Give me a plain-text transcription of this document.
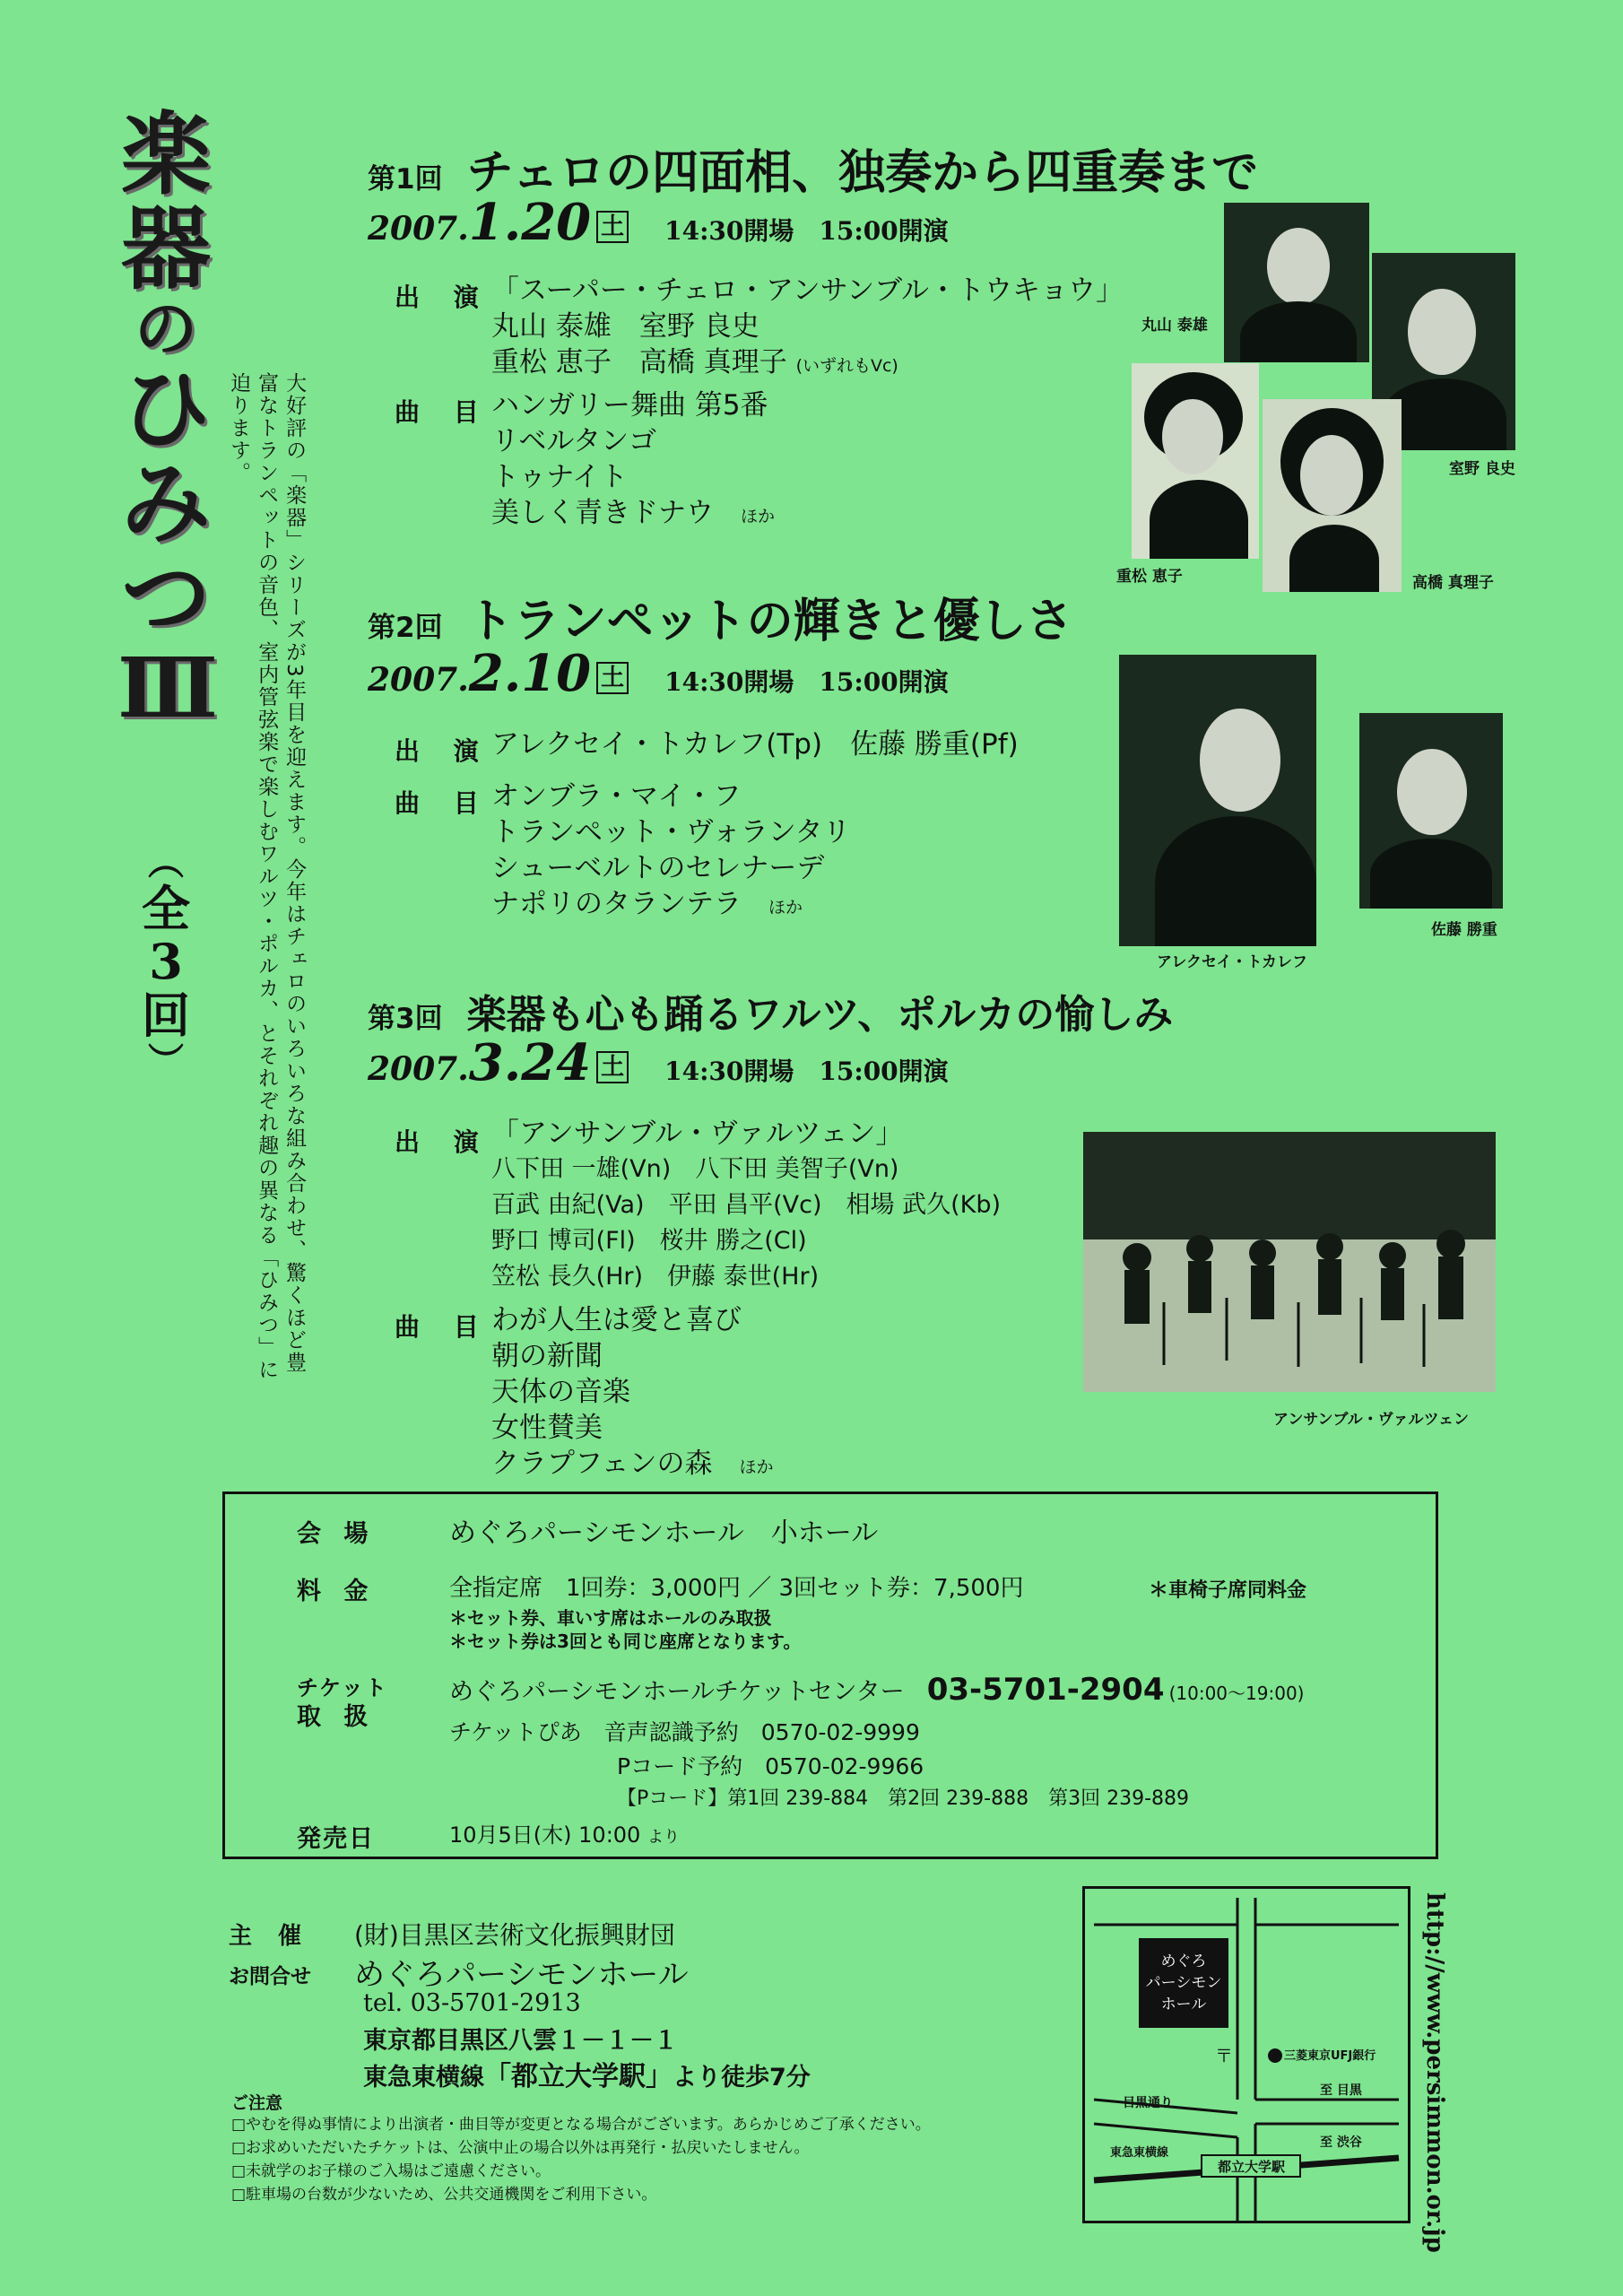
楽
器
の
ひ
み
つ
Ⅲ
︵
全
3
回
︶	大好評の「楽器」シリーズが3年目を迎えます。今年はチェロのいろいろな組み合わせ、驚くほど豊富なトランペットの音色、室内管弦楽で楽しむワルツ・ポルカ、とそれぞれ趣の異なる「ひみつ」に迫ります。
第1回 チェロの四面相、独奏から四重奏まで
2007.1.20 土 14:30開場　15:00開演
出 演 「スーパー・チェロ・アンサンブル・トウキョウ」
丸山 泰雄　室野 良史
重松 恵子　高橋 真理子 (いずれもVc)
曲 目 ハンガリー舞曲 第5番
リベルタンゴ
トゥナイト
美しく青きドナウ ほか
丸山 泰雄
室野 良史
重松 恵子	高橋 真理子
第2回 トランペットの輝きと優しさ
2007.2.10 土 14:30開場　15:00開演
出 演 アレクセイ・トカレフ(Tp)　佐藤 勝重(Pf)
曲 目 オンブラ・マイ・フ
トランペット・ヴォランタリ
シューベルトのセレナーデ
ナポリのタランテラ ほか
アレクセイ・トカレフ
佐藤 勝重
第3回 楽器も心も踊るワルツ、ポルカの愉しみ
2007.3.24 土 14:30開場　15:00開演
出 演 「アンサンブル・ヴァルツェン」
八下田 一雄(Vn)　八下田 美智子(Vn)
百武 由紀(Va)　平田 昌平(Vc)　相場 武久(Kb)
野口 博司(Fl)　桜井 勝之(Cl)
笠松 長久(Hr)　伊藤 泰世(Hr)
曲 目 わが人生は愛と喜び
朝の新聞
天体の音楽
女性賛美
クラプフェンの森 ほか
アンサンブル・ヴァルツェン
会 場	めぐろパーシモンホール　小ホール
料 金	全指定席　1回券：3,000円 ／ 3回セット券：7,500円	＊車椅子席同料金
＊セット券、車いす席はホールのみ取扱
＊セット券は3回とも同じ座席となります。
チケット
取 扱
めぐろパーシモンホールチケットセンター 03-5701-2904 (10:00～19:00)
チケットぴあ　音声認識予約　0570-02-9999
Pコード予約　0570-02-9966
【Pコード】第1回 239-884　第2回 239-888　第3回 239-889
発売日	10月5日(木) 10:00 より
主 催 (財)目黒区芸術文化振興財団
お問合せ めぐろパーシモンホール
tel. 03-5701-2913
東京都目黒区八雲１－１－１
東急東横線「都立大学駅」より徒歩7分
ご注意
□やむを得ぬ事情により出演者・曲目等が変更となる場合がございます。あらかじめご了承ください。
□お求めいただいたチケットは、公演中止の場合以外は再発行・払戻いたしません。
□未就学のお子様のご入場はご遠慮ください。
□駐車場の台数が少ないため、公共交通機関をご利用下さい。
めぐろ
パーシモン
ホール
〒	三菱東京UFJ銀行
目黒通り
至 目黒
東急東横線
至 渋谷
都立大学駅	http://www.persimmon.or.jp
